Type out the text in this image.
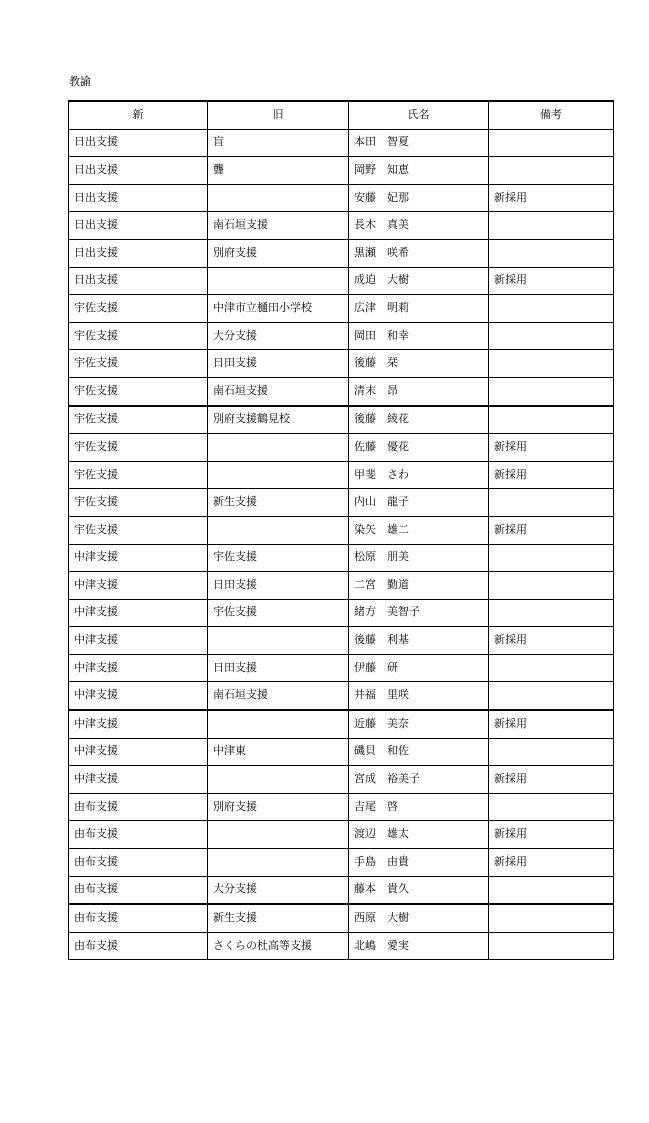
教諭
新	旧	氏名	備考
日出支援	盲	本田　智夏	
日出支援	聾	岡野　知恵	
日出支援		安藤　妃那	新採用
日出支援	南石垣支援	長木　真美	
日出支援	別府支援	黒瀬　咲希	
日出支援		成迫　大樹	新採用
宇佐支援	中津市立樋田小学校	広津　明莉	
宇佐支援	大分支援	岡田　和幸	
宇佐支援	日田支援	後藤　栞	
宇佐支援	南石垣支援	清末　昂	
宇佐支援	別府支援鶴見校	後藤　綾花	
宇佐支援		佐藤　優花	新採用
宇佐支援		甲斐　さわ	新採用
宇佐支援	新生支援	内山　龍子	
宇佐支援		染矢　雄二	新採用
中津支援	宇佐支援	松原　朋美	
中津支援	日田支援	二宮　勤道	
中津支援	宇佐支援	緒方　美智子	
中津支援		後藤　利基	新採用
中津支援	日田支援	伊藤　研	
中津支援	南石垣支援	井福　里咲	
中津支援		近藤　美奈	新採用
中津支援	中津東	磯貝　和佐	
中津支援		宮成　裕美子	新採用
由布支援	別府支援	吉尾　啓	
由布支援		渡辺　雄太	新採用
由布支援		手島　由貴	新採用
由布支援	大分支援	藤本　貴久	
由布支援	新生支援	西原　大樹	
由布支援	さくらの杜高等支援	北嶋　愛実	
